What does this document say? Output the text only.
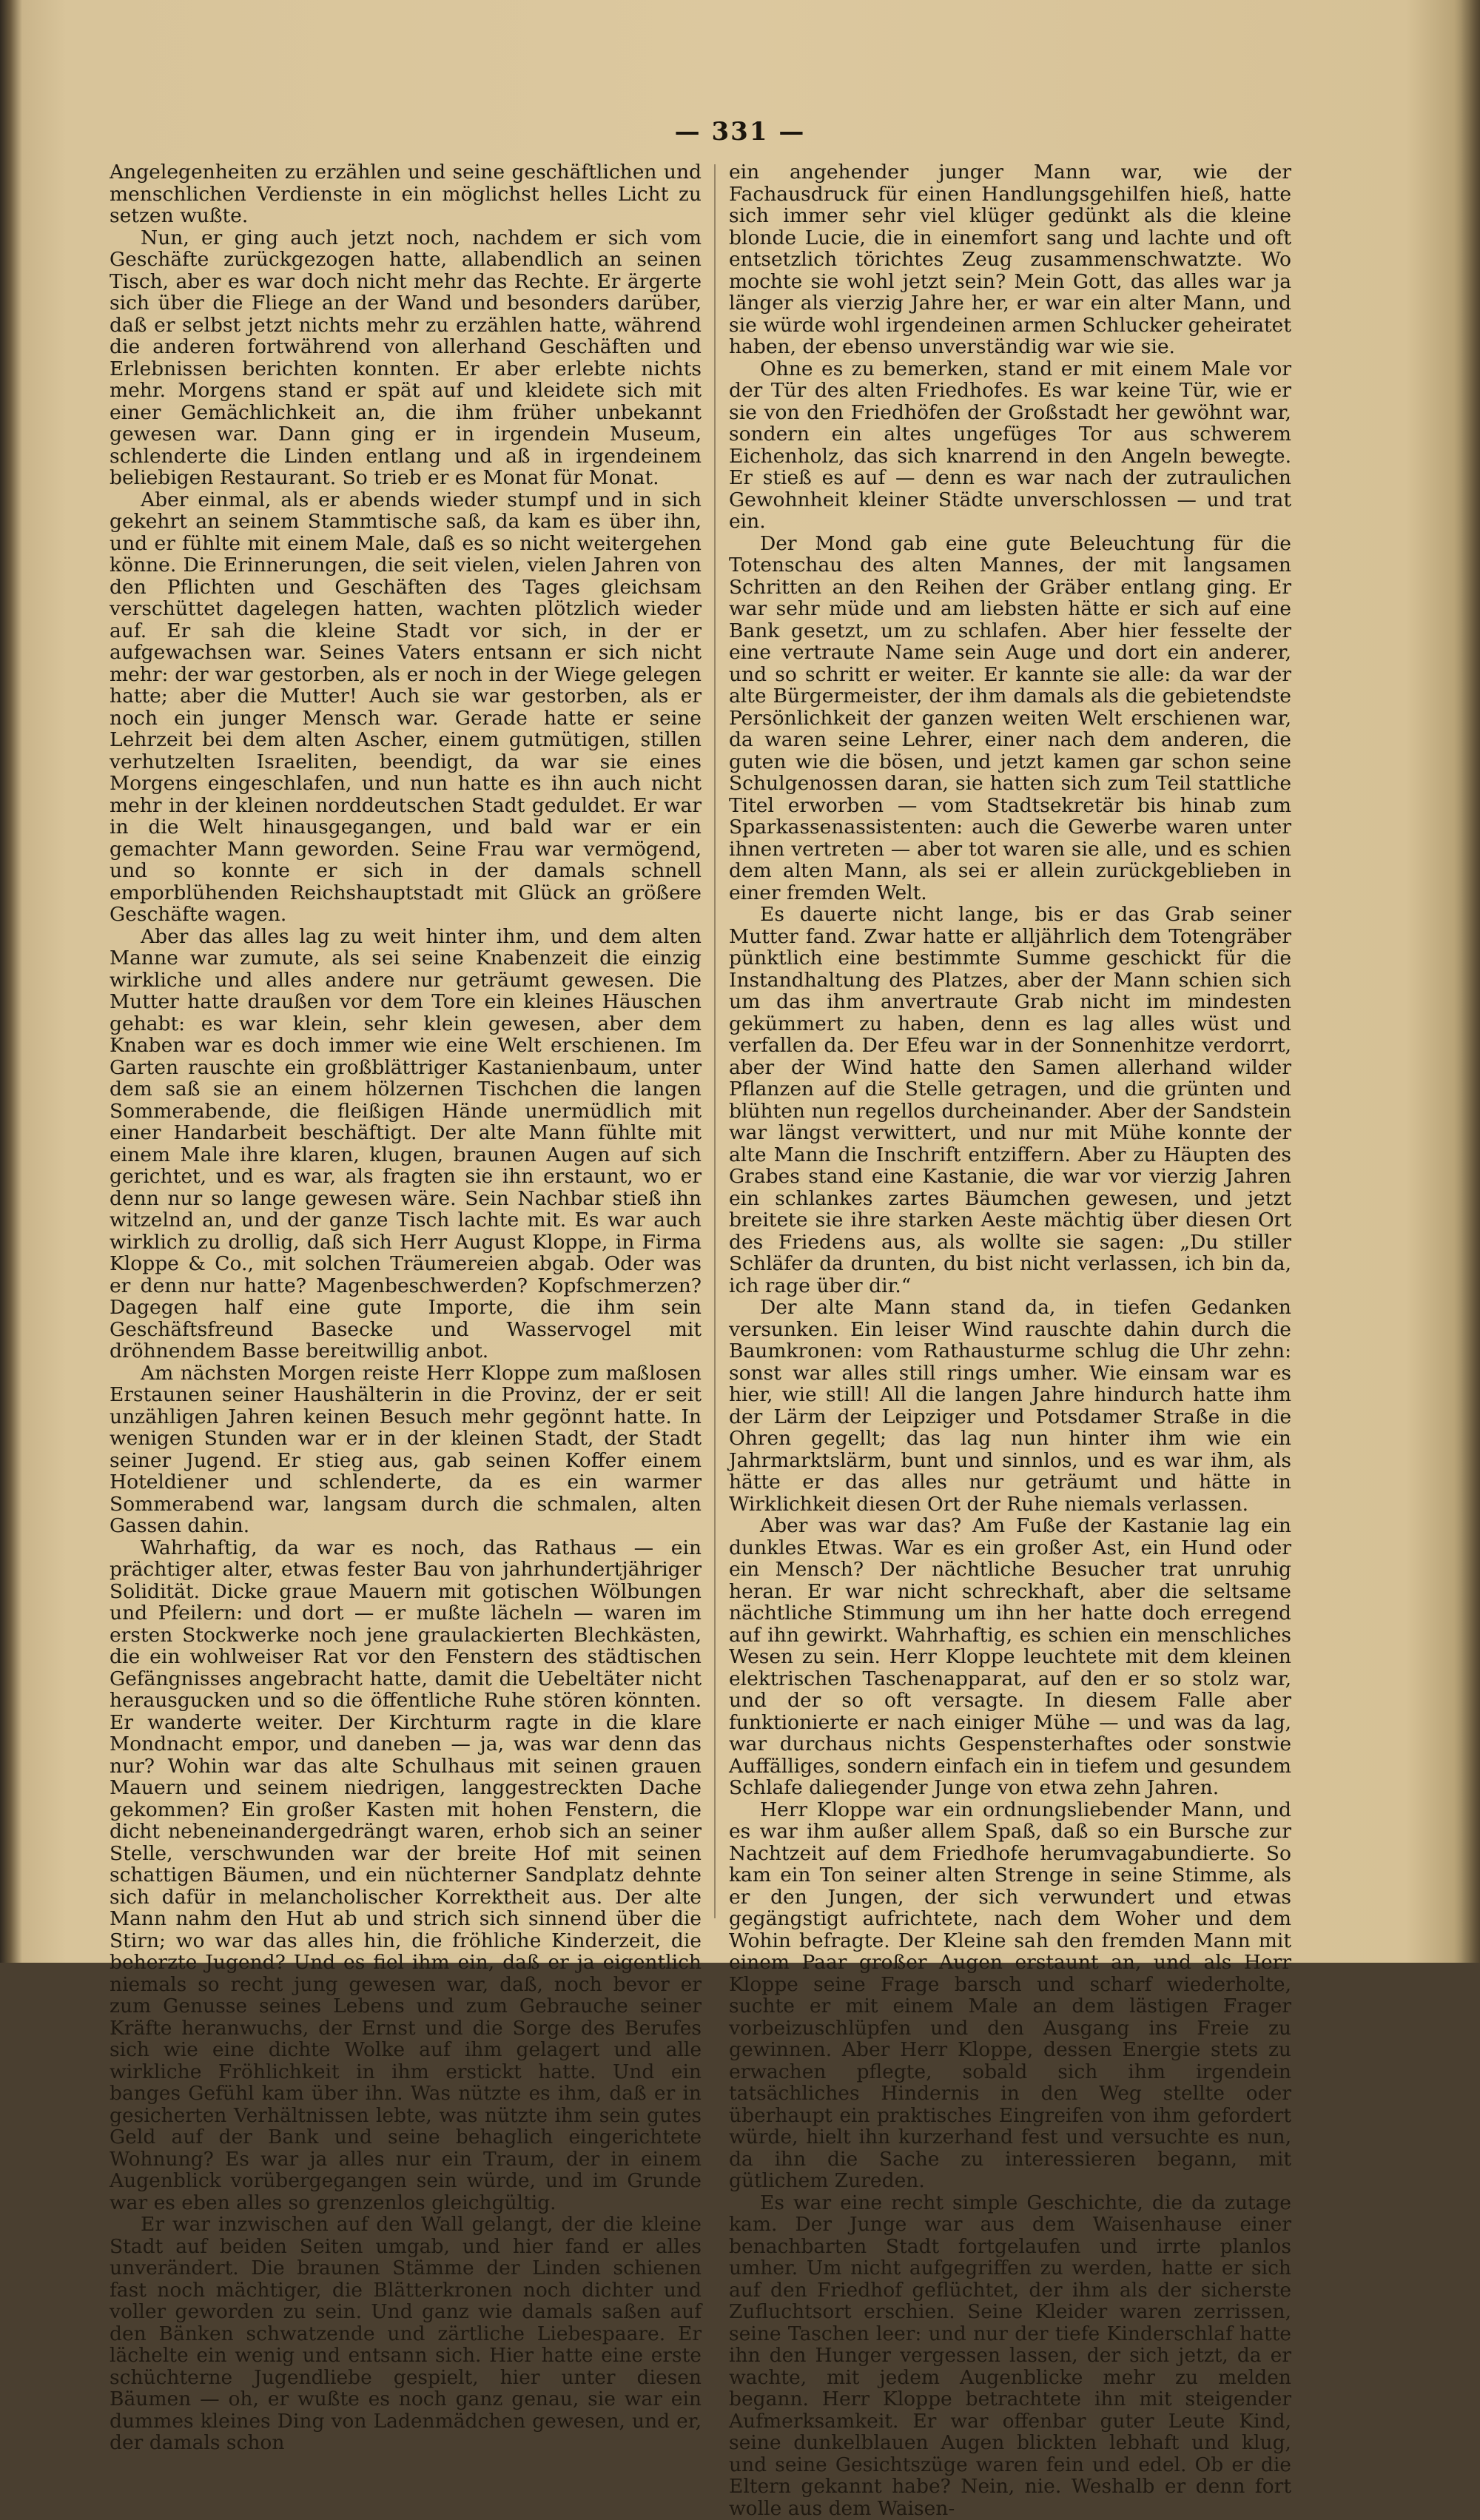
— 331 —

Angelegenheiten zu erzählen und seine geschäftlichen und menschlichen Verdienste in ein möglichst helles Licht zu setzen wußte.

Nun, er ging auch jetzt noch, nachdem er sich vom Geschäfte zurückgezogen hatte, allabendlich an seinen Tisch, aber es war doch nicht mehr das Rechte. Er ärgerte sich über die Fliege an der Wand und besonders darüber, daß er selbst jetzt nichts mehr zu erzählen hatte, während die anderen fortwährend von allerhand Geschäften und Erlebnissen berichten konnten. Er aber erlebte nichts mehr. Morgens stand er spät auf und kleidete sich mit einer Gemächlichkeit an, die ihm früher unbekannt gewesen war. Dann ging er in irgendein Museum, schlenderte die Linden entlang und aß in irgendeinem beliebigen Restaurant. So trieb er es Monat für Monat.

Aber einmal, als er abends wieder stumpf und in sich gekehrt an seinem Stammtische saß, da kam es über ihn, und er fühlte mit einem Male, daß es so nicht weitergehen könne. Die Erinnerungen, die seit vielen, vielen Jahren von den Pflichten und Geschäften des Tages gleichsam verschüttet dagelegen hatten, wachten plötzlich wieder auf. Er sah die kleine Stadt vor sich, in der er aufgewachsen war. Seines Vaters entsann er sich nicht mehr: der war gestorben, als er noch in der Wiege gelegen hatte; aber die Mutter! Auch sie war gestorben, als er noch ein junger Mensch war. Gerade hatte er seine Lehrzeit bei dem alten Ascher, einem gutmütigen, stillen verhutzelten Israeliten, beendigt, da war sie eines Morgens eingeschlafen, und nun hatte es ihn auch nicht mehr in der kleinen norddeutschen Stadt geduldet. Er war in die Welt hinausgegangen, und bald war er ein gemachter Mann geworden. Seine Frau war vermögend, und so konnte er sich in der damals schnell emporblühenden Reichshauptstadt mit Glück an größere Geschäfte wagen.

Aber das alles lag zu weit hinter ihm, und dem alten Manne war zumute, als sei seine Knabenzeit die einzig wirkliche und alles andere nur geträumt gewesen. Die Mutter hatte draußen vor dem Tore ein kleines Häuschen gehabt: es war klein, sehr klein gewesen, aber dem Knaben war es doch immer wie eine Welt erschienen. Im Garten rauschte ein großblättriger Kastanienbaum, unter dem saß sie an einem hölzernen Tischchen die langen Sommerabende, die fleißigen Hände unermüdlich mit einer Handarbeit beschäftigt. Der alte Mann fühlte mit einem Male ihre klaren, klugen, braunen Augen auf sich gerichtet, und es war, als fragten sie ihn erstaunt, wo er denn nur so lange gewesen wäre. Sein Nachbar stieß ihn witzelnd an, und der ganze Tisch lachte mit. Es war auch wirklich zu drollig, daß sich Herr August Kloppe, in Firma Kloppe & Co., mit solchen Träumereien abgab. Oder was er denn nur hatte? Magenbeschwerden? Kopfschmerzen? Dagegen half eine gute Importe, die ihm sein Geschäftsfreund Basecke und Wasservogel mit dröhnendem Basse bereitwillig anbot.

Am nächsten Morgen reiste Herr Kloppe zum maßlosen Erstaunen seiner Haushälterin in die Provinz, der er seit unzähligen Jahren keinen Besuch mehr gegönnt hatte. In wenigen Stunden war er in der kleinen Stadt, der Stadt seiner Jugend. Er stieg aus, gab seinen Koffer einem Hoteldiener und schlenderte, da es ein warmer Sommerabend war, langsam durch die schmalen, alten Gassen dahin.

Wahrhaftig, da war es noch, das Rathaus — ein prächtiger alter, etwas fester Bau von jahrhundertjähriger Solidität. Dicke graue Mauern mit gotischen Wölbungen und Pfeilern: und dort — er mußte lächeln — waren im ersten Stockwerke noch jene graulackierten Blechkästen, die ein wohlweiser Rat vor den Fenstern des städtischen Gefängnisses angebracht hatte, damit die Uebeltäter nicht herausgucken und so die öffentliche Ruhe stören könnten. Er wanderte weiter. Der Kirchturm ragte in die klare Mondnacht empor, und daneben — ja, was war denn das nur? Wohin war das alte Schulhaus mit seinen grauen Mauern und seinem niedrigen, langgestreckten Dache gekommen? Ein großer Kasten mit hohen Fenstern, die dicht nebeneinandergedrängt waren, erhob sich an seiner Stelle, verschwunden war der breite Hof mit seinen schattigen Bäumen, und ein nüchterner Sandplatz dehnte sich dafür in melancholischer Korrektheit aus. Der alte Mann nahm den Hut ab und strich sich sinnend über die Stirn; wo war das alles hin, die fröhliche Kinderzeit, die beherzte Jugend? Und es fiel ihm ein, daß er ja eigentlich niemals so recht jung gewesen war, daß, noch bevor er zum Genusse seines Lebens und zum Gebrauche seiner Kräfte heranwuchs, der Ernst und die Sorge des Berufes sich wie eine dichte Wolke auf ihm gelagert und alle wirkliche Fröhlichkeit in ihm erstickt hatte. Und ein banges Gefühl kam über ihn. Was nützte es ihm, daß er in gesicherten Verhältnissen lebte, was nützte ihm sein gutes Geld auf der Bank und seine behaglich eingerichtete Wohnung? Es war ja alles nur ein Traum, der in einem Augenblick vorübergegangen sein würde, und im Grunde war es eben alles so grenzenlos gleichgültig.

Er war inzwischen auf den Wall gelangt, der die kleine Stadt auf beiden Seiten umgab, und hier fand er alles unverändert. Die braunen Stämme der Linden schienen fast noch mächtiger, die Blätterkronen noch dichter und voller geworden zu sein. Und ganz wie damals saßen auf den Bänken schwatzende und zärtliche Liebespaare. Er lächelte ein wenig und entsann sich. Hier hatte eine erste schüchterne Jugendliebe gespielt, hier unter diesen Bäumen — oh, er wußte es noch ganz genau, sie war ein dummes kleines Ding von Ladenmädchen gewesen, und er, der damals schon

ein angehender junger Mann war, wie der Fachausdruck für einen Handlungsgehilfen hieß, hatte sich immer sehr viel klüger gedünkt als die kleine blonde Lucie, die in einemfort sang und lachte und oft entsetzlich törichtes Zeug zusammenschwatzte. Wo mochte sie wohl jetzt sein? Mein Gott, das alles war ja länger als vierzig Jahre her, er war ein alter Mann, und sie würde wohl irgendeinen armen Schlucker geheiratet haben, der ebenso unverständig war wie sie.

Ohne es zu bemerken, stand er mit einem Male vor der Tür des alten Friedhofes. Es war keine Tür, wie er sie von den Friedhöfen der Großstadt her gewöhnt war, sondern ein altes ungefüges Tor aus schwerem Eichenholz, das sich knarrend in den Angeln bewegte. Er stieß es auf — denn es war nach der zutraulichen Gewohnheit kleiner Städte unverschlossen — und trat ein.

Der Mond gab eine gute Beleuchtung für die Totenschau des alten Mannes, der mit langsamen Schritten an den Reihen der Gräber entlang ging. Er war sehr müde und am liebsten hätte er sich auf eine Bank gesetzt, um zu schlafen. Aber hier fesselte der eine vertraute Name sein Auge und dort ein anderer, und so schritt er weiter. Er kannte sie alle: da war der alte Bürgermeister, der ihm damals als die gebietendste Persönlichkeit der ganzen weiten Welt erschienen war, da waren seine Lehrer, einer nach dem anderen, die guten wie die bösen, und jetzt kamen gar schon seine Schulgenossen daran, sie hatten sich zum Teil stattliche Titel erworben — vom Stadtsekretär bis hinab zum Sparkassenassistenten: auch die Gewerbe waren unter ihnen vertreten — aber tot waren sie alle, und es schien dem alten Mann, als sei er allein zurückgeblieben in einer fremden Welt.

Es dauerte nicht lange, bis er das Grab seiner Mutter fand. Zwar hatte er alljährlich dem Totengräber pünktlich eine bestimmte Summe geschickt für die Instandhaltung des Platzes, aber der Mann schien sich um das ihm anvertraute Grab nicht im mindesten gekümmert zu haben, denn es lag alles wüst und verfallen da. Der Efeu war in der Sonnenhitze verdorrt, aber der Wind hatte den Samen allerhand wilder Pflanzen auf die Stelle getragen, und die grünten und blühten nun regellos durcheinander. Aber der Sandstein war längst verwittert, und nur mit Mühe konnte der alte Mann die Inschrift entziffern. Aber zu Häupten des Grabes stand eine Kastanie, die war vor vierzig Jahren ein schlankes zartes Bäumchen gewesen, und jetzt breitete sie ihre starken Aeste mächtig über diesen Ort des Friedens aus, als wollte sie sagen: „Du stiller Schläfer da drunten, du bist nicht verlassen, ich bin da, ich rage über dir.“

Der alte Mann stand da, in tiefen Gedanken versunken. Ein leiser Wind rauschte dahin durch die Baumkronen: vom Rathausturme schlug die Uhr zehn: sonst war alles still rings umher. Wie einsam war es hier, wie still! All die langen Jahre hindurch hatte ihm der Lärm der Leipziger und Potsdamer Straße in die Ohren gegellt; das lag nun hinter ihm wie ein Jahrmarktslärm, bunt und sinnlos, und es war ihm, als hätte er das alles nur geträumt und hätte in Wirklichkeit diesen Ort der Ruhe niemals verlassen.

Aber was war das? Am Fuße der Kastanie lag ein dunkles Etwas. War es ein großer Ast, ein Hund oder ein Mensch? Der nächtliche Besucher trat unruhig heran. Er war nicht schreckhaft, aber die seltsame nächtliche Stimmung um ihn her hatte doch erregend auf ihn gewirkt. Wahrhaftig, es schien ein menschliches Wesen zu sein. Herr Kloppe leuchtete mit dem kleinen elektrischen Taschenapparat, auf den er so stolz war, und der so oft versagte. In diesem Falle aber funktionierte er nach einiger Mühe — und was da lag, war durchaus nichts Gespensterhaftes oder sonstwie Auffälliges, sondern einfach ein in tiefem und gesundem Schlafe daliegender Junge von etwa zehn Jahren.

Herr Kloppe war ein ordnungsliebender Mann, und es war ihm außer allem Spaß, daß so ein Bursche zur Nachtzeit auf dem Friedhofe herumvagabundierte. So kam ein Ton seiner alten Strenge in seine Stimme, als er den Jungen, der sich verwundert und etwas gegängstigt aufrichtete, nach dem Woher und dem Wohin befragte. Der Kleine sah den fremden Mann mit einem Paar großer Augen erstaunt an, und als Herr Kloppe seine Frage barsch und scharf wiederholte, suchte er mit einem Male an dem lästigen Frager vorbeizuschlüpfen und den Ausgang ins Freie zu gewinnen. Aber Herr Kloppe, dessen Energie stets zu erwachen pflegte, sobald sich ihm irgendein tatsächliches Hindernis in den Weg stellte oder überhaupt ein praktisches Eingreifen von ihm gefordert würde, hielt ihn kurzerhand fest und versuchte es nun, da ihn die Sache zu interessieren begann, mit gütlichem Zureden.

Es war eine recht simple Geschichte, die da zutage kam. Der Junge war aus dem Waisenhause einer benachbarten Stadt fortgelaufen und irrte planlos umher. Um nicht aufgegriffen zu werden, hatte er sich auf den Friedhof geflüchtet, der ihm als der sicherste Zufluchtsort erschien. Seine Kleider waren zerrissen, seine Taschen leer: und nur der tiefe Kinderschlaf hatte ihn den Hunger vergessen lassen, der sich jetzt, da er wachte, mit jedem Augenblicke mehr zu melden begann. Herr Kloppe betrachtete ihn mit steigender Aufmerksamkeit. Er war offenbar guter Leute Kind, seine dunkelblauen Augen blickten lebhaft und klug, und seine Gesichtszüge waren fein und edel. Ob er die Eltern gekannt habe? Nein, nie. Weshalb er denn fort wolle aus dem Waisen-
